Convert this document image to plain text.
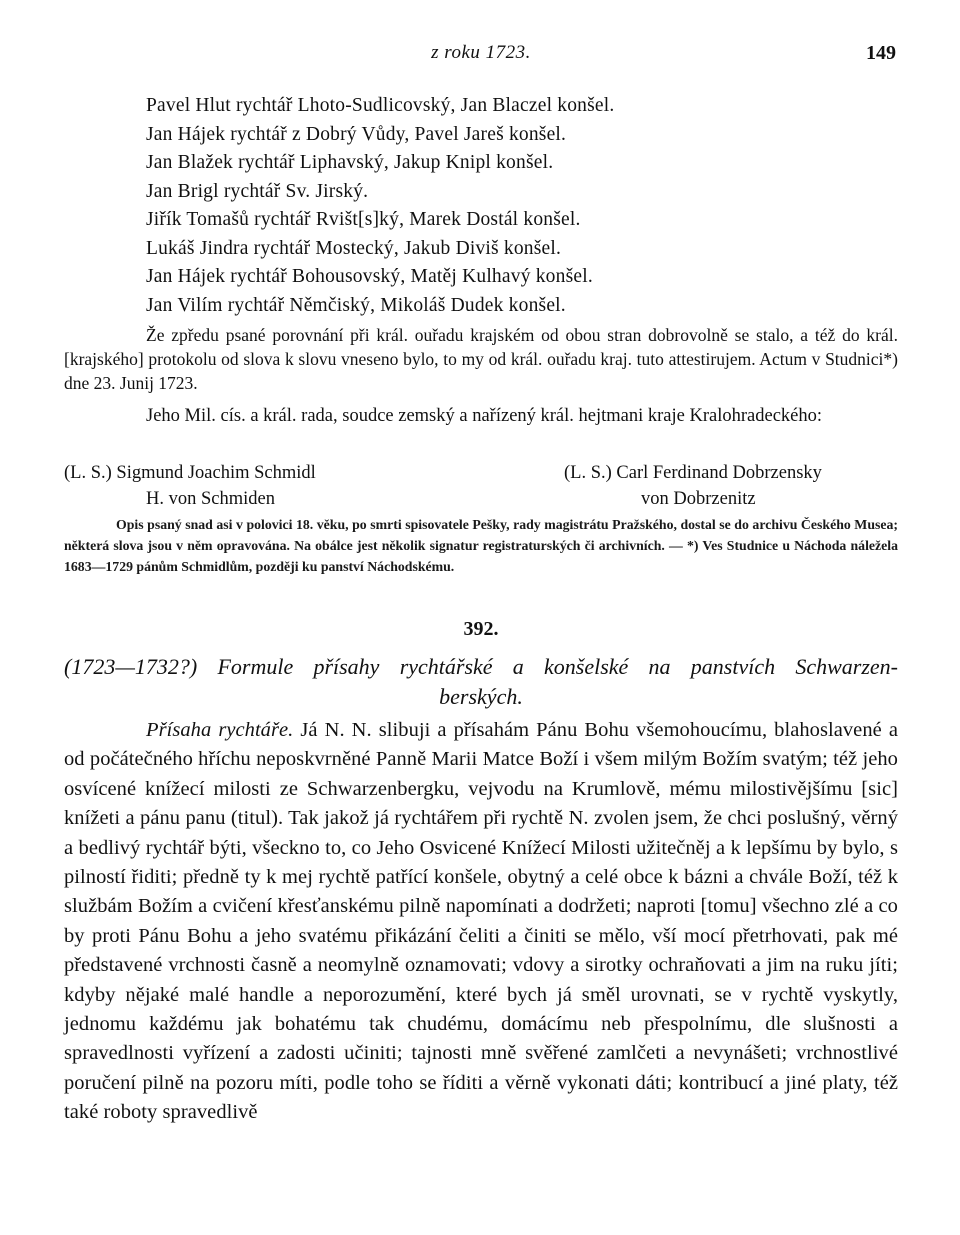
z roku 1723.	149
Pavel Hlut rychtář Lhoto-Sudlicovský, Jan Blaczel konšel.
Jan Hájek rychtář z Dobrý Vůdy, Pavel Jareš konšel.
Jan Blažek rychtář Liphavský, Jakup Knipl konšel.
Jan Brigl rychtář Sv. Jirský.
Jiřík Tomašů rychtář Rvišt[s]ký, Marek Dostál konšel.
Lukáš Jindra rychtář Mostecký, Jakub Diviš konšel.
Jan Hájek rychtář Bohousovský, Matěj Kulhavý konšel.
Jan Vilím rychtář Němčiský, Mikoláš Dudek konšel.

Že zpředu psané porovnání při král. ouřadu krajském od obou stran dobrovolně se stalo, a též do král. [krajského] protokolu od slova k slovu vneseno bylo, to my od král. ouřadu kraj. tuto attestirujem. Actum v Studnici*) dne 23. Junij 1723.

Jeho Mil. cís. a král. rada, soudce zemský a nařízený král. hejtmani kraje Kralohradeckého:

(L. S.) Sigmund Joachim Schmidl
H. von Schmiden
(L. S.) Carl Ferdinand Dobrzensky
von Dobrzenitz

Opis psaný snad asi v polovici 18. věku, po smrti spisovatele Pešky, rady magistrátu Pražského, dostal se do archivu Českého Musea; některá slova jsou v něm opravována. Na obálce jest několik signatur registraturských či archivních. — *) Ves Studnice u Náchoda náležela 1683—1729 pánům Schmidlům, později ku panství Náchodskému.

392.
(1723—1732?) Formule přísahy rychtářské a konšelské na panstvích Schwarzen-
berských.

Přísaha rychtáře. Já N. N. slibuji a přísahám Pánu Bohu všemohoucímu, blahoslavené a od počátečného hříchu neposkvrněné Panně Marii Matce Boží i všem milým Božím svatým; též jeho osvícené knížecí milosti ze Schwarzenbergku, vejvodu na Krumlově, mému milostivějšímu [sic] knížeti a pánu panu (titul). Tak jakož já rychtářem při rychtě N. zvolen jsem, že chci poslušný, věrný a bedlivý rychtář býti, všeckno to, co Jeho Osvicené Knížecí Milosti užitečněj a k lepšímu by bylo, s pilností řiditi; předně ty k mej rychtě patřící konšele, obytný a celé obce k bázni a chvále Boží, též k službám Božím a cvičení křesťanskému pilně napomínati a dodržeti; naproti [tomu] všechno zlé a co by proti Pánu Bohu a jeho svatému přikázání čeliti a činiti se mělo, vší mocí přetrhovati, pak mé představené vrchnosti časně a neomylně oznamovati; vdovy a sirotky ochraňovati a jim na ruku jíti; kdyby nějaké malé handle a neporozumění, které bych já směl urovnati, se v rychtě vyskytly, jednomu každému jak bohatému tak chudému, domácímu neb přespolnímu, dle slušnosti a spravedlnosti vyřízení a zadosti učiniti; tajnosti mně svěřené zamlčeti a nevynášeti; vrchnostlivé poručení pilně na pozoru míti, podle toho se říditi a věrně vykonati dáti; kontribucí a jiné platy, též také roboty spravedlivě
